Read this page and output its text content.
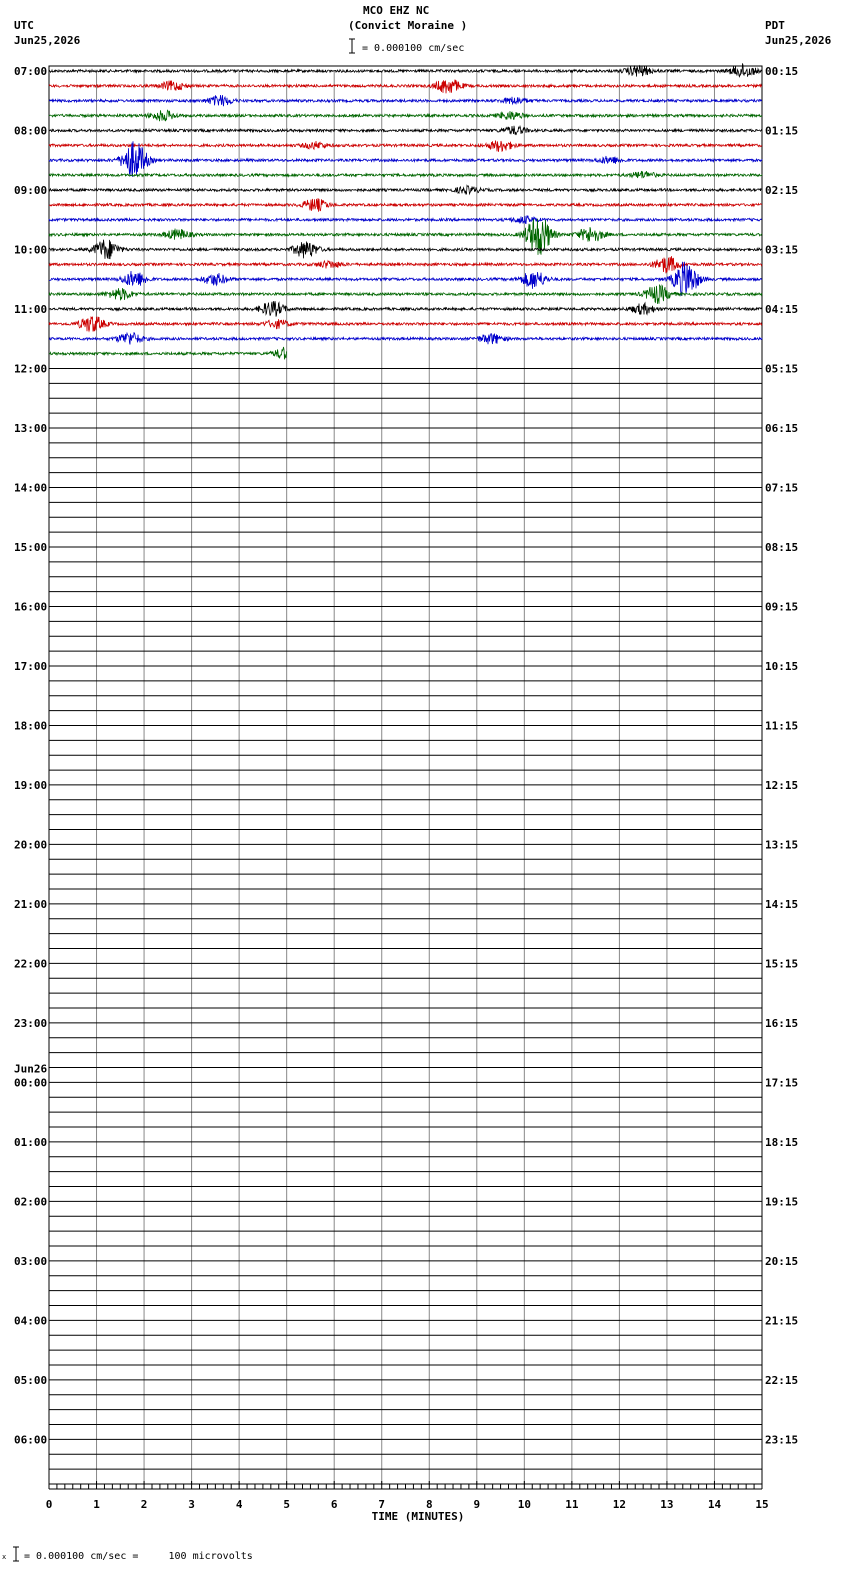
MCO EHZ NC
(Convict Moraine )
UTC
Jun25,2026
PDT
Jun25,2026
= 0.000100 cm/sec
07:00
08:00
09:00
10:00
11:00
12:00
13:00
14:00
15:00
16:00
17:00
18:00
19:00
20:00
21:00
22:00
23:00
00:00
Jun26
01:00
02:00
03:00
04:00
05:00
06:00
00:15
01:15
02:15
03:15
04:15
05:15
06:15
07:15
08:15
09:15
10:15
11:15
12:15
13:15
14:15
15:15
16:15
17:15
18:15
19:15
20:15
21:15
22:15
23:15
0	1	2	3	4	5	6	7	8	9	10	11	12	13	14	15
TIME (MINUTES)
x = 0.000100 cm/sec =     100 microvolts
